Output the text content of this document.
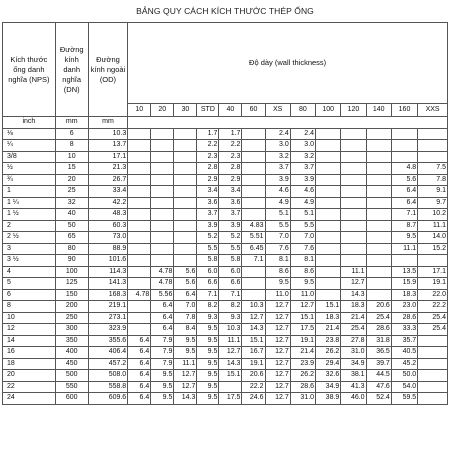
BẢNG QUY CÁCH KÍCH THƯỚC THÉP ỐNG
Kích thước ống danh nghĩa (NPS)	Đường kính danh nghĩa (DN)	Đường kính ngoài (OD)	Độ dày (wall thickness)												
			10	20	30	STD	40	60	XS	80	100	120	140	160	XXS
inch	mm	mm													
⅛	6	10.3				1.7	1.7		2.4	2.4					
¼	8	13.7				2.2	2.2		3.0	3.0					
3/8	10	17.1				2.3	2.3		3.2	3.2					
½	15	21.3				2.8	2.8		3.7	3.7				4.8	7.5
¾	20	26.7				2.9	2.9		3.9	3.9				5.6	7.8
1	25	33.4				3.4	3.4		4.6	4.6				6.4	9.1
1 ¼	32	42.2				3.6	3.6		4.9	4.9				6.4	9.7
1 ½	40	48.3				3.7	3.7		5.1	5.1				7.1	10.2
2	50	60.3				3.9	3.9	4.83	5.5	5.5				8.7	11.1
2 ½	65	73.0				5.2	5.2	5.51	7.0	7.0				9.5	14.0
3	80	88.9				5.5	5.5	6.45	7.6	7.6				11.1	15.2
3 ½	90	101.6				5.8	5.8	7.1	8.1	8.1					
4	100	114.3		4.78	5.6	6.0	6.0		8.6	8.6		11.1		13.5	17.1
5	125	141.3		4.78	5.6	6.6	6.6		9.5	9.5		12.7		15.9	19.1
6	150	168.3	4.78	5.56	6.4	7.1	7.1		11.0	11.0		14.3		18.3	22.0
8	200	219.1		6.4	7.0	8.2	8.2	10.3	12.7	12.7	15.1	18.3	20.6	23.0	22.2
10	250	273.1		6.4	7.8	9.3	9.3	12.7	12.7	15.1	18.3	21.4	25.4	28.6	25.4
12	300	323.9		6.4	8.4	9.5	10.3	14.3	12.7	17.5	21.4	25.4	28.6	33.3	25.4
14	350	355.6	6.4	7.9	9.5	9.5	11.1	15.1	12.7	19.1	23.8	27.8	31.8	35.7	
16	400	406.4	6.4	7.9	9.5	9.5	12.7	16.7	12.7	21.4	26.2	31.0	36.5	40.5	
18	450	457.2	6.4	7.9	11.1	9.5	14.3	19.1	12.7	23.9	29.4	34.9	39.7	45.2	
20	500	508.0	6.4	9.5	12.7	9.5	15.1	20.6	12.7	26.2	32.6	38.1	44.5	50.0	
22	550	558.8	6.4	9.5	12.7	9.5		22.2	12.7	28.6	34.9	41.3	47.6	54.0	
24	600	609.6	6.4	9.5	14.3	9.5	17.5	24.6	12.7	31.0	38.9	46.0	52.4	59.5	
